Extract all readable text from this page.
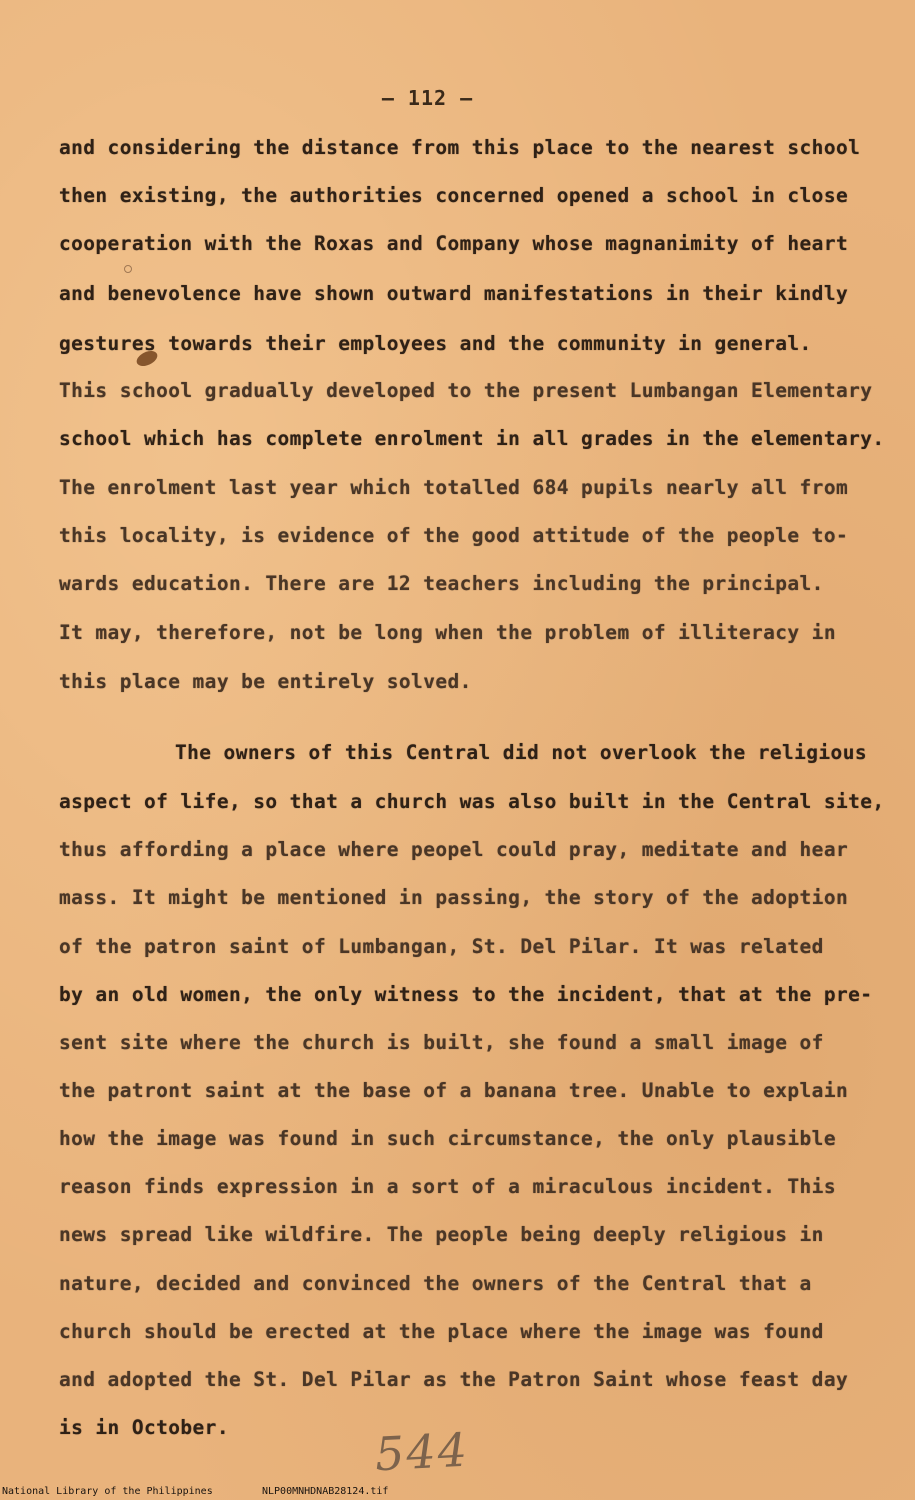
— 112 —
and considering the distance from this place to the nearest school
then existing, the authorities concerned opened a school in close
cooperation with the Roxas and Company whose magnanimity of heart
and benevolence have shown outward manifestations in their kindly
gestures towards their employees and the community in general.
This school gradually developed to the present Lumbangan Elementary
school which has complete enrolment in all grades in the elementary.
The enrolment last year which totalled 684 pupils nearly all from
this locality, is evidence of the good attitude of the people to-
wards education. There are 12 teachers including the principal.
It may, therefore, not be long when the problem of illiteracy in
this place may be entirely solved.
The owners of this Central did not overlook the religious
aspect of life, so that a church was also built in the Central site,
thus affording a place where peopel could pray, meditate and hear
mass. It might be mentioned in passing, the story of the adoption
of the patron saint of Lumbangan, St. Del Pilar. It was related
by an old women, the only witness to the incident, that at the pre-
sent site where the church is built, she found a small image of
the patront saint at the base of a banana tree. Unable to explain
how the image was found in such circumstance, the only plausible
reason finds expression in a sort of a miraculous incident. This
news spread like wildfire. The people being deeply religious in
nature, decided and convinced the owners of the Central that a
church should be erected at the place where the image was found
and adopted the St. Del Pilar as the Patron Saint whose feast day
is in October.	544
National Library of the Philippines	NLP00MNHDNAB28124.tif
